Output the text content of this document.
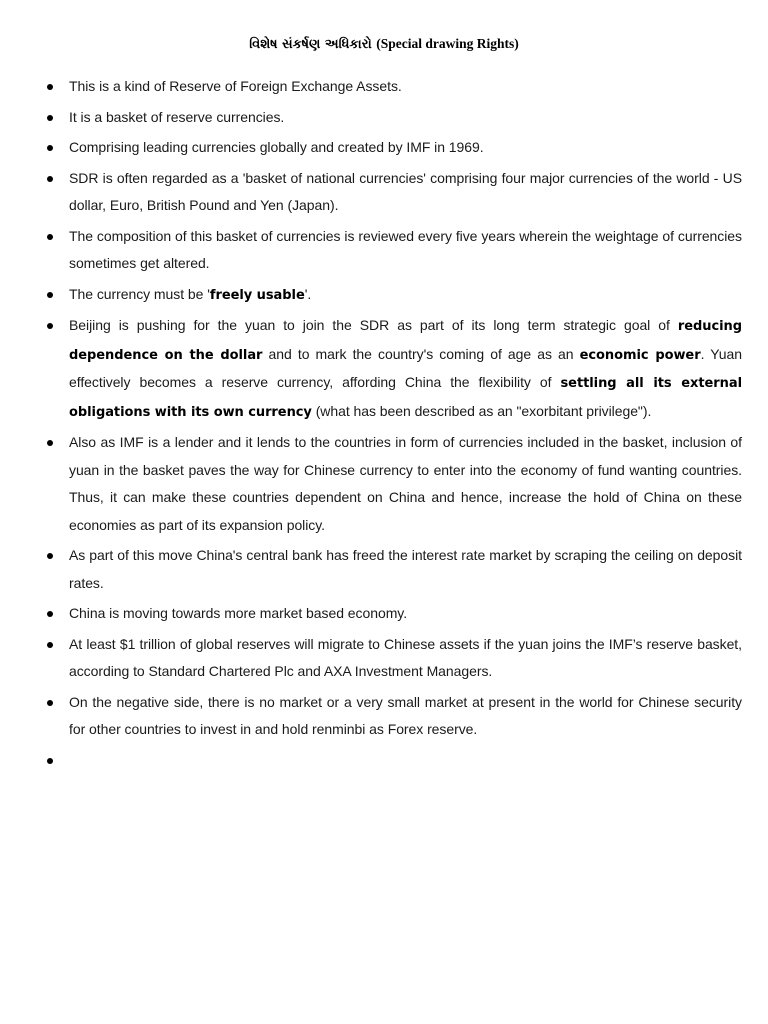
વિશેષ સંકર્ષણ અધિકારો (Special drawing Rights)
This is a kind of Reserve of Foreign Exchange Assets.
It is a basket of reserve currencies.
Comprising leading currencies globally and created by IMF in 1969.
SDR is often regarded as a 'basket of national currencies' comprising four major currencies of the world - US dollar, Euro, British Pound and Yen (Japan).
The composition of this basket of currencies is reviewed every five years wherein the weightage of currencies sometimes get altered.
The currency must be 'freely usable'.
Beijing is pushing for the yuan to join the SDR as part of its long term strategic goal of reducing dependence on the dollar and to mark the country's coming of age as an economic power. Yuan effectively becomes a reserve currency, affording China the flexibility of settling all its external obligations with its own currency (what has been described as an "exorbitant privilege").
Also as IMF is a lender and it lends to the countries in form of currencies included in the basket, inclusion of yuan in the basket paves the way for Chinese currency to enter into the economy of fund wanting countries. Thus, it can make these countries dependent on China and hence, increase the hold of China on these economies as part of its expansion policy.
As part of this move China's central bank has freed the interest rate market by scraping the ceiling on deposit rates.
China is moving towards more market based economy.
At least $1 trillion of global reserves will migrate to Chinese assets if the yuan joins the IMF’s reserve basket, according to Standard Chartered Plc and AXA Investment Managers.
On the negative side, there is no market or a very small market at present in the world for Chinese security for other countries to invest in and hold renminbi as Forex reserve.
